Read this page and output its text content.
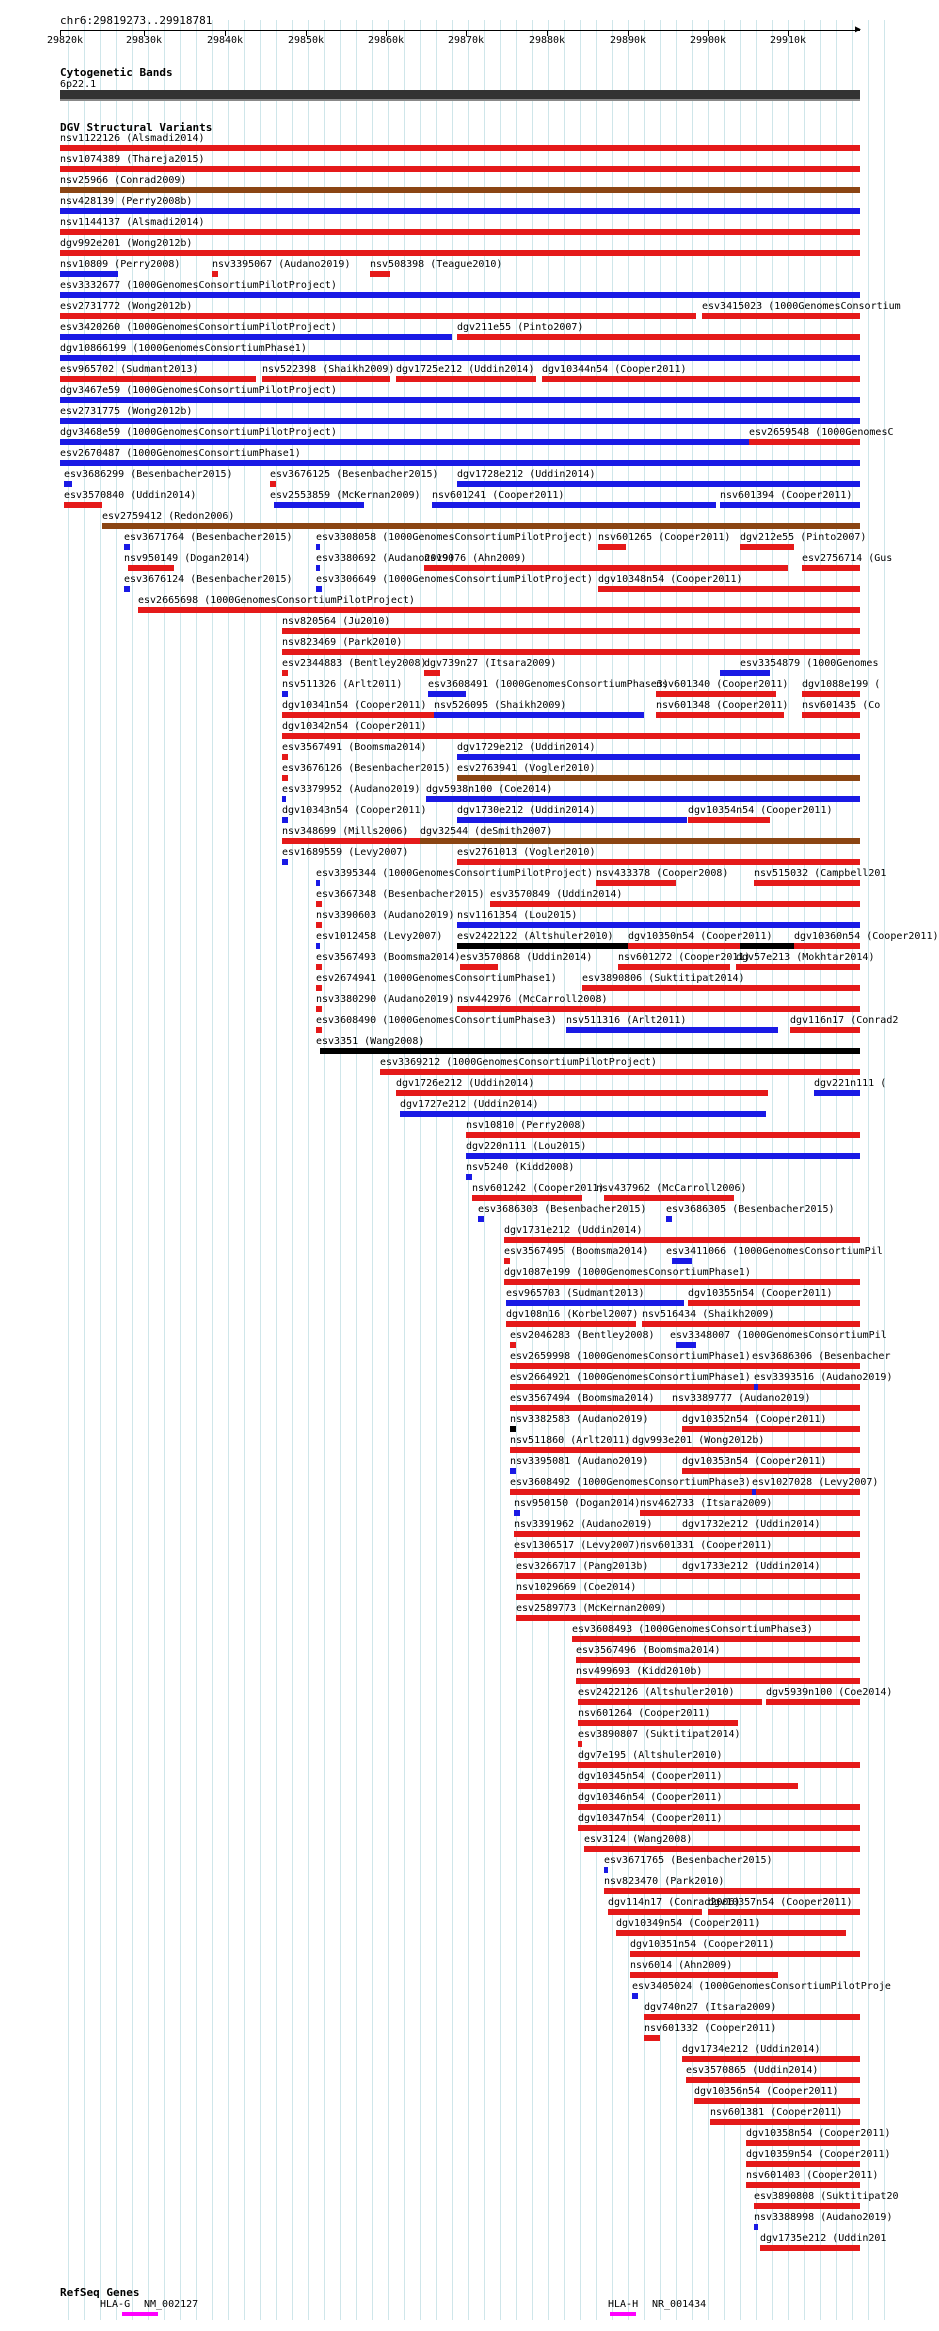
chr6:29819273..29918781
▶
29820k	29830k	29840k	29850k	29860k	29870k	29880k	29890k	29900k	29910k
Cytogenetic Bands
6p22.1
DGV Structural Variants
nsv1122126 (Alsmadi2014)
nsv1074389 (Thareja2015)
nsv25966 (Conrad2009)
nsv428139 (Perry2008b)
nsv1144137 (Alsmadi2014)
dgv992e201 (Wong2012b)
nsv10809 (Perry2008)	nsv3395067 (Audano2019) nsv508398 (Teague2010)
esv3332677 (1000GenomesConsortiumPilotProject)
esv2731772 (Wong2012b)	esv3415023 (1000GenomesConsortium
esv3420260 (1000GenomesConsortiumPilotProject)	dgv211e55 (Pinto2007)
dgv10866199 (1000GenomesConsortiumPhase1)
esv965702 (Sudmant2013)	nsv522398 (Shaikh2009) dgv1725e212 (Uddin2014) dgv10344n54 (Cooper2011)
dgv3467e59 (1000GenomesConsortiumPilotProject)
esv2731775 (Wong2012b)
dgv3468e59 (1000GenomesConsortiumPilotProject)	esv2659548 (1000GenomesC
esv2670487 (1000GenomesConsortiumPhase1)
esv3686299 (Besenbacher2015)	esv3676125 (Besenbacher2015) dgv1728e212 (Uddin2014)
esv3570840 (Uddin2014)	esv2553859 (McKernan2009) nsv601241 (Cooper2011)	nsv601394 (Cooper2011)
esv2759412 (Redon2006)
esv3671764 (Besenbacher2015) esv3308058 (1000GenomesConsortiumPilotProject) nsv601265 (Cooper2011) dgv212e55 (Pinto2007)
nsv950149 (Dogan2014)	esv3380692 (Audano2019)
nsv9076 (Ahn2009)	esv2756714 (Gus
esv3676124 (Besenbacher2015) esv3306649 (1000GenomesConsortiumPilotProject) dgv10348n54 (Cooper2011)
esv2665698 (1000GenomesConsortiumPilotProject)
nsv820564 (Ju2010)
nsv823469 (Park2010)
esv2344883 (Bentley2008)
dgv739n27 (Itsara2009)	esv3354879 (1000Genomes
nsv511326 (Arlt2011)	esv3608491 (1000GenomesConsortiumPhase3)
nsv601340 (Cooper2011) dgv1088e199 (
dgv10341n54 (Cooper2011) nsv526095 (Shaikh2009)	nsv601348 (Cooper2011) nsv601435 (Co
dgv10342n54 (Cooper2011)
esv3567491 (Boomsma2014)	dgv1729e212 (Uddin2014)
esv3676126 (Besenbacher2015) esv2763941 (Vogler2010)
esv3379952 (Audano2019) dgv5938n100 (Coe2014)
dgv10343n54 (Cooper2011)	dgv1730e212 (Uddin2014)	dgv10354n54 (Cooper2011)
nsv348699 (Mills2006) dgv32544 (deSmith2007)
esv1689559 (Levy2007)	esv2761013 (Vogler2010)
esv3395344 (1000GenomesConsortiumPilotProject) nsv433378 (Cooper2008)	nsv515032 (Campbell201
esv3667348 (Besenbacher2015) esv3570849 (Uddin2014)
nsv3390603 (Audano2019) nsv1161354 (Lou2015)
esv1012458 (Levy2007) esv2422122 (Altshuler2010) dgv10350n54 (Cooper2011) dgv10360n54 (Cooper2011)
esv3567493 (Boomsma2014) esv3570868 (Uddin2014)	nsv601272 (Cooper2011)
dgv57e213 (Mokhtar2014)
esv2674941 (1000GenomesConsortiumPhase1)	esv3890806 (Suktitipat2014)
nsv3380290 (Audano2019) nsv442976 (McCarroll2008)
esv3608490 (1000GenomesConsortiumPhase3) nsv511316 (Arlt2011)	dgv116n17 (Conrad2
esv3351 (Wang2008)
esv3369212 (1000GenomesConsortiumPilotProject)
dgv1726e212 (Uddin2014)	dgv221n111 (
dgv1727e212 (Uddin2014)
nsv10810 (Perry2008)
dgv220n111 (Lou2015)
nsv5240 (Kidd2008)
nsv601242 (Cooper2011)
nsv437962 (McCarroll2006)
esv3686303 (Besenbacher2015) esv3686305 (Besenbacher2015)
dgv1731e212 (Uddin2014)
esv3567495 (Boomsma2014) esv3411066 (1000GenomesConsortiumPil
dgv1087e199 (1000GenomesConsortiumPhase1)
esv965703 (Sudmant2013)	dgv10355n54 (Cooper2011)
dgv108n16 (Korbel2007) nsv516434 (Shaikh2009)
esv2046283 (Bentley2008) esv3348007 (1000GenomesConsortiumPil
esv2659998 (1000GenomesConsortiumPhase1) esv3686306 (Besenbacher
esv2664921 (1000GenomesConsortiumPhase1) esv3393516 (Audano2019)
esv3567494 (Boomsma2014) nsv3389777 (Audano2019)
nsv3382583 (Audano2019)	dgv10352n54 (Cooper2011)
nsv511860 (Arlt2011) dgv993e201 (Wong2012b)
nsv3395081 (Audano2019)	dgv10353n54 (Cooper2011)
esv3608492 (1000GenomesConsortiumPhase3) esv1027028 (Levy2007)
nsv950150 (Dogan2014) nsv462733 (Itsara2009)
nsv3391962 (Audano2019)	dgv1732e212 (Uddin2014)
esv1306517 (Levy2007) nsv601331 (Cooper2011)
esv3266717 (Pang2013b)	dgv1733e212 (Uddin2014)
nsv1029669 (Coe2014)
esv2589773 (McKernan2009)
esv3608493 (1000GenomesConsortiumPhase3)
esv3567496 (Boomsma2014)
nsv499693 (Kidd2010b)
esv2422126 (Altshuler2010)	dgv5939n100 (Coe2014)
nsv601264 (Cooper2011)
esv3890807 (Suktitipat2014)
dgv7e195 (Altshuler2010)
dgv10345n54 (Cooper2011)
dgv10346n54 (Cooper2011)
dgv10347n54 (Cooper2011)
esv3124 (Wang2008)
esv3671765 (Besenbacher2015)
nsv823470 (Park2010)
dgv114n17 (Conrad2006)
dgv10357n54 (Cooper2011)
dgv10349n54 (Cooper2011)
dgv10351n54 (Cooper2011)
nsv6014 (Ahn2009)
esv3405024 (1000GenomesConsortiumPilotProje
dgv740n27 (Itsara2009)
nsv601332 (Cooper2011)
dgv1734e212 (Uddin2014)
esv3570865 (Uddin2014)
dgv10356n54 (Cooper2011)
nsv601381 (Cooper2011)
dgv10358n54 (Cooper2011)
dgv10359n54 (Cooper2011)
nsv601403 (Cooper2011)
esv3890808 (Suktitipat20
nsv3388998 (Audano2019)
dgv1735e212 (Uddin201
RefSeq Genes
HLA-G NM_002127	HLA-H NR_001434
